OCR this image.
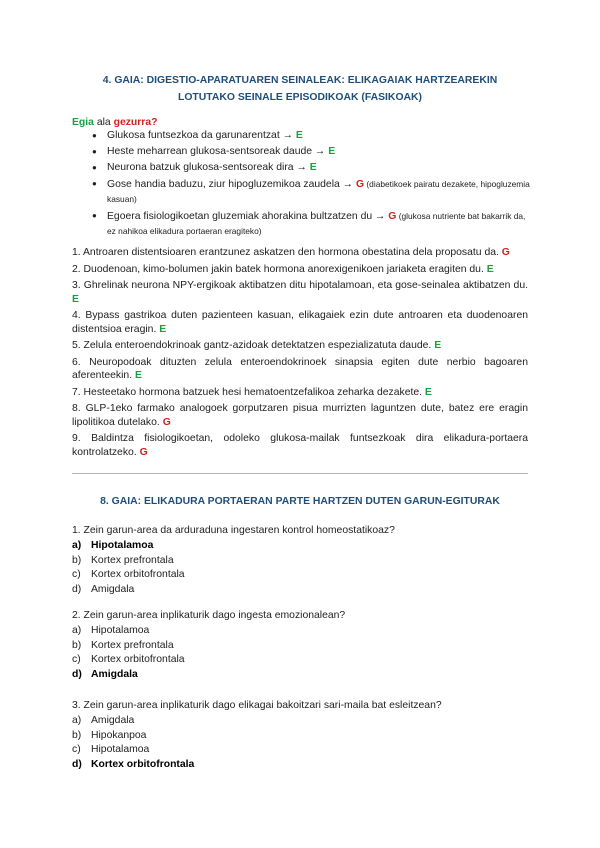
4. GAIA: DIGESTIO-APARATUAREN SEINALEAK: ELIKAGAIAK HARTZEAREKIN
LOTUTAKO SEINALE EPISODIKOAK (FASIKOAK)
Egia ala gezurra?
● Glukosa funtsezkoa da garunarentzat → E
● Heste meharrean glukosa-sentsoreak daude → E
● Neurona batzuk glukosa-sentsoreak dira → E
● Gose handia baduzu, ziur hipogluzemikoa zaudela → G (diabetikoek pairatu dezakete, hipogluzemia kasuan)
● Egoera fisiologikoetan gluzemiak ahorakina bultzatzen du → G (glukosa nutriente bat bakarrik da, ez nahikoa elikadura portaeran eragiteko)

1. Antroaren distentsioaren erantzunez askatzen den hormona obestatina dela proposatu da. G

2. Duodenoan, kimo-bolumen jakin batek hormona anorexigenikoen jariaketa eragiten du. E

3. Ghrelinak neurona NPY-ergikoak aktibatzen ditu hipotalamoan, eta gose-seinalea aktibatzen du. E

4. Bypass gastrikoa duten pazienteen kasuan, elikagaiek ezin dute antroaren eta duodenoaren distentsioa eragin. E

5. Zelula enteroendokrinoak gantz-azidoak detektatzen espezializatuta daude. E

6. Neuropodoak dituzten zelula enteroendokrinoek sinapsia egiten dute nerbio bagoaren aferenteekin. E

7. Hesteetako hormona batzuek hesi hematoentzefalikoa zeharka dezakete. E

8. GLP-1eko farmako analogoek gorputzaren pisua murrizten laguntzen dute, batez ere eragin lipolitikoa dutelako. G

9. Baldintza fisiologikoetan, odoleko glukosa-mailak funtsezkoak dira elikadura-portaera kontrolatzeko. G

8. GAIA: ELIKADURA PORTAERAN PARTE HARTZEN DUTEN GARUN-EGITURAK
1. Zein garun-area da arduraduna ingestaren kontrol homeostatikoaz?
a) Hipotalamoa
b) Kortex prefrontala
c) Kortex orbitofrontala
d) Amigdala
2. Zein garun-area inplikaturik dago ingesta emozionalean?
a) Hipotalamoa
b) Kortex prefrontala
c) Kortex orbitofrontala
d) Amigdala
3. Zein garun-area inplikaturik dago elikagai bakoitzari sari-maila bat esleitzean?
a) Amigdala
b) Hipokanpoa
c) Hipotalamoa
d) Kortex orbitofrontala
